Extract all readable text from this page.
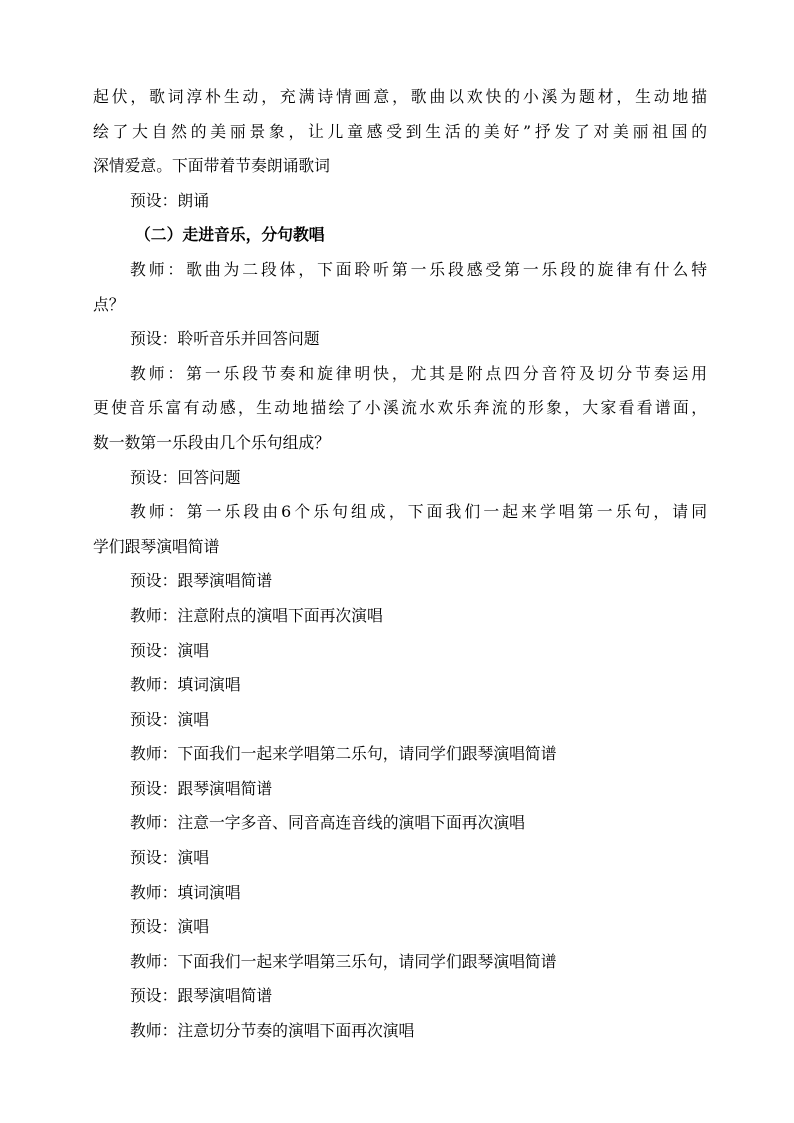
起伏，歌词淳朴生动，充满诗情画意，歌曲以欢快的小溪为题材，生动地描
绘了大自然的美丽景象，让儿童感受到生活的美好”抒发了对美丽祖国的
深情爱意。下面带着节奏朗诵歌词
预设：朗诵
（二）走进音乐，分句教唱
教师：歌曲为二段体，下面聆听第一乐段感受第一乐段的旋律有什么特
点？
预设：聆听音乐并回答问题
教师：第一乐段节奏和旋律明快，尤其是附点四分音符及切分节奏运用
更使音乐富有动感，生动地描绘了小溪流水欢乐奔流的形象，大家看看谱面，
数一数第一乐段由几个乐句组成？
预设：回答问题
教师：第一乐段由6个乐句组成，下面我们一起来学唱第一乐句，请同
学们跟琴演唱简谱
预设：跟琴演唱简谱
教师：注意附点的演唱下面再次演唱
预设：演唱
教师：填词演唱
预设：演唱
教师：下面我们一起来学唱第二乐句，请同学们跟琴演唱简谱
预设：跟琴演唱简谱
教师：注意一字多音、同音高连音线的演唱下面再次演唱
预设：演唱
教师：填词演唱
预设：演唱
教师：下面我们一起来学唱第三乐句，请同学们跟琴演唱简谱
预设：跟琴演唱简谱
教师：注意切分节奏的演唱下面再次演唱
